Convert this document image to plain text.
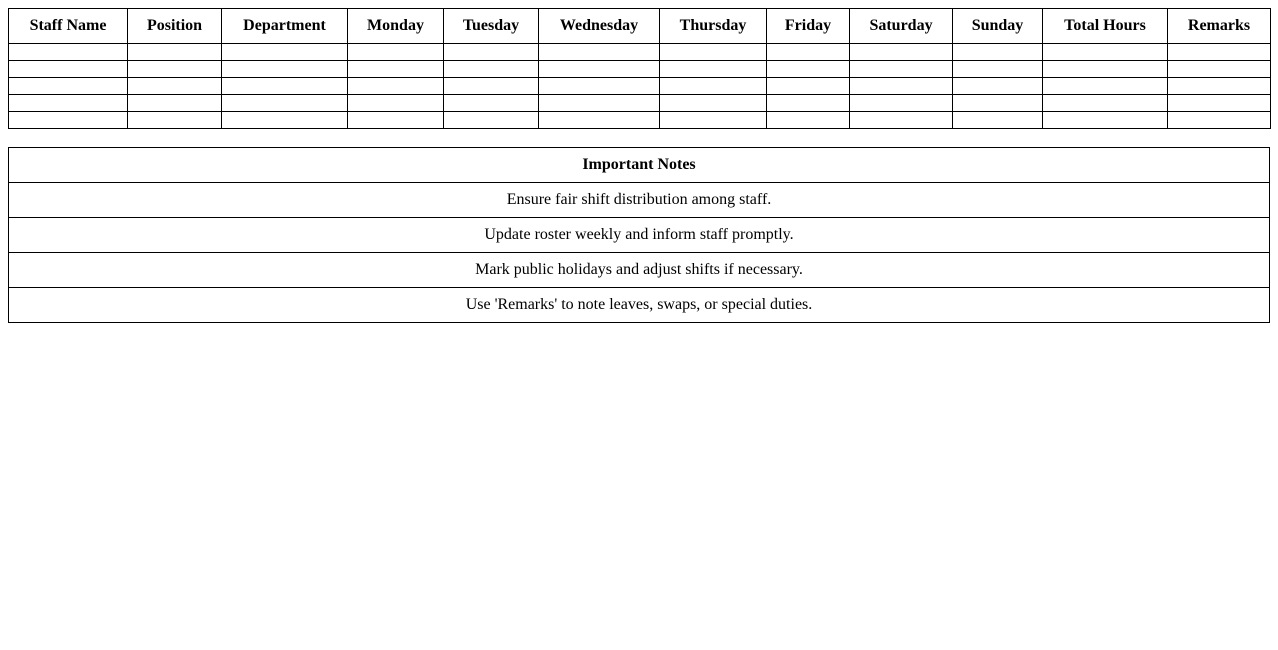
Staff Name	Position	Department	Monday	Tuesday	Wednesday	Thursday	Friday	Saturday	Sunday	Total Hours	Remarks

Important Notes
Ensure fair shift distribution among staff.
Update roster weekly and inform staff promptly.
Mark public holidays and adjust shifts if necessary.
Use 'Remarks' to note leaves, swaps, or special duties.
